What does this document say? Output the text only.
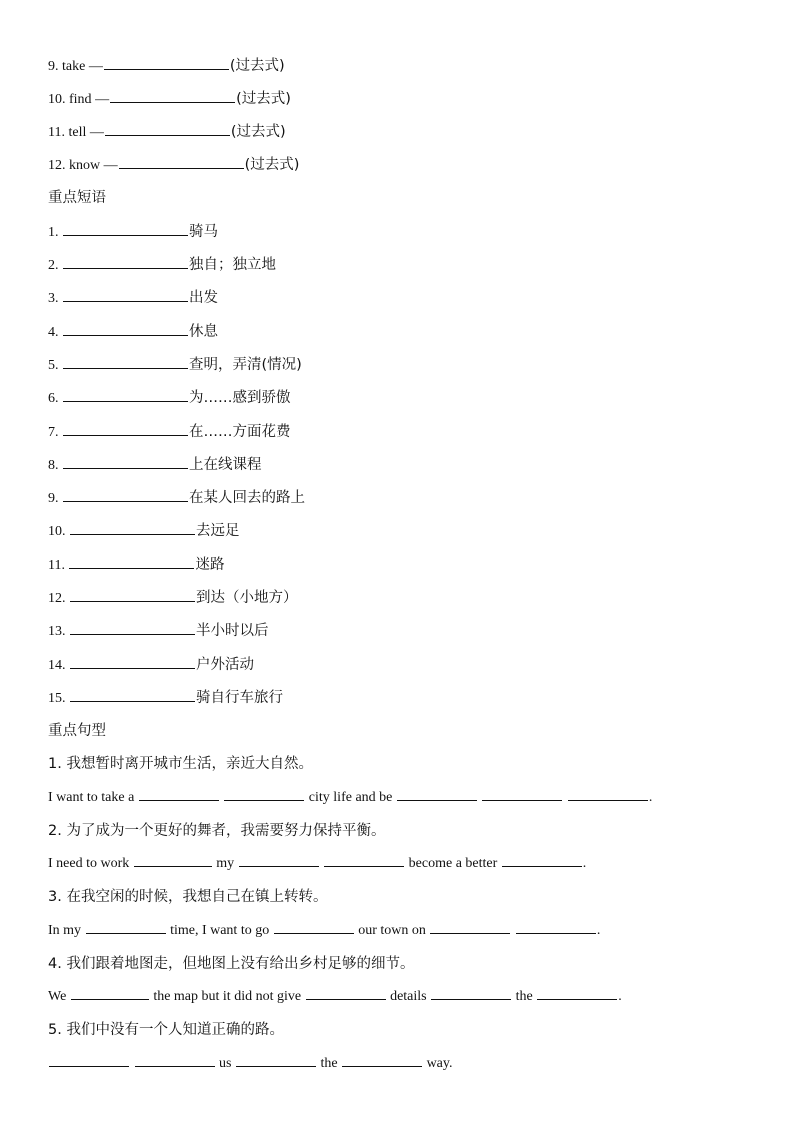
9. take —	(过去式)
10. find —	(过去式)
11. tell —	(过去式)
12. know —	(过去式)
重点短语
1.	骑马
2.	独自；独立地
3.	出发
4.	休息
5.	查明，弄清(情况)
6.	为……感到骄傲
7.	在……方面花费
8.	上在线课程
9.	在某人回去的路上
10.	去远足
11.	迷路
12.	到达（小地方）
13.	半小时以后
14.	户外活动
15.	骑自行车旅行
重点句型
1. 我想暂时离开城市生活，亲近大自然。
I want to take a	city life and be	.
2. 为了成为一个更好的舞者，我需要努力保持平衡。
I need to work	my	become a better	.
3. 在我空闲的时候，我想自己在镇上转转。
In my	time, I want to go	our town on	.
4. 我们跟着地图走，但地图上没有给出乡村足够的细节。
We	the map but it did not give	details	the	.
5. 我们中没有一个人知道正确的路。
us	the	way.
